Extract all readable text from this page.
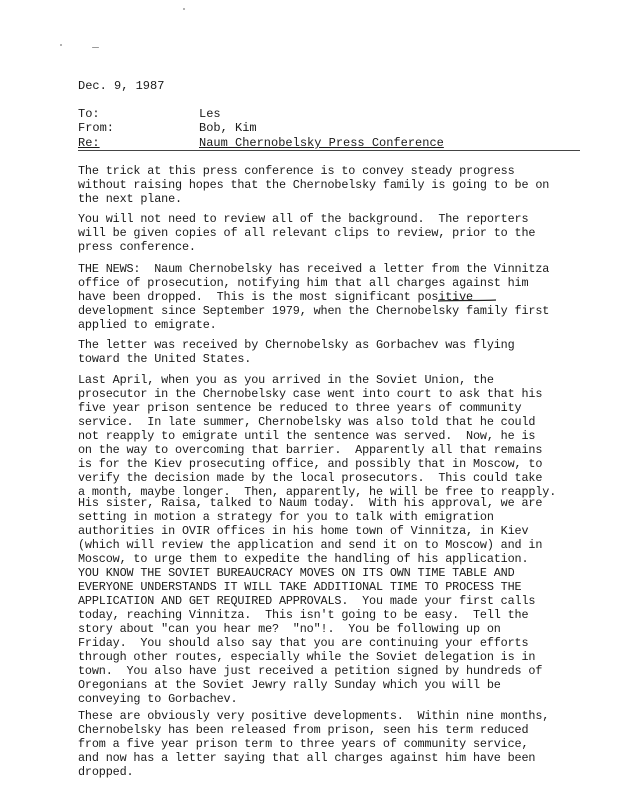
Dec. 9, 1987

To:

	Les

From:

	Bob, Kim

Re:

	Naum Chernobelsky Press Conference

The trick at this press conference is to convey steady progress
without raising hopes that the Chernobelsky family is going to be on
the next plane.

You will not need to review all of the background.  The reporters
will be given copies of all relevant clips to review, prior to the
press conference.

THE NEWS:  Naum Chernobelsky has received a letter from the Vinnitza
office of prosecution, notifying him that all charges against him
have been dropped.  This is the most significant positive
development since September 1979, when the Chernobelsky family first
applied to emigrate.

The letter was received by Chernobelsky as Gorbachev was flying
toward the United States.

Last April, when you as you arrived in the Soviet Union, the
prosecutor in the Chernobelsky case went into court to ask that his
five year prison sentence be reduced to three years of community
service.  In late summer, Chernobelsky was also told that he could
not reapply to emigrate until the sentence was served.  Now, he is
on the way to overcoming that barrier.  Apparently all that remains
is for the Kiev prosecuting office, and possibly that in Moscow, to
verify the decision made by the local prosecutors.  This could take
a month, maybe longer.  Then, apparently, he will be free to reapply.

His sister, Raisa, talked to Naum today.  With his approval, we are
setting in motion a strategy for you to talk with emigration
authorities in OVIR offices in his home town of Vinnitza, in Kiev
(which will review the application and send it on to Moscow) and in
Moscow, to urge them to expedite the handling of his application.
YOU KNOW THE SOVIET BUREAUCRACY MOVES ON ITS OWN TIME TABLE AND
EVERYONE UNDERSTANDS IT WILL TAKE ADDITIONAL TIME TO PROCESS THE
APPLICATION AND GET REQUIRED APPROVALS.  You made your first calls
today, reaching Vinnitza.  This isn't going to be easy.  Tell the
story about "can you hear me?  "no"!.  You be following up on
Friday.  You should also say that you are continuing your efforts
through other routes, especially while the Soviet delegation is in
town.  You also have just received a petition signed by hundreds of
Oregonians at the Soviet Jewry rally Sunday which you will be
conveying to Gorbachev.

These are obviously very positive developments.  Within nine months,
Chernobelsky has been released from prison, seen his term reduced
from a five year prison term to three years of community service,
and now has a letter saying that all charges against him have been
dropped.
